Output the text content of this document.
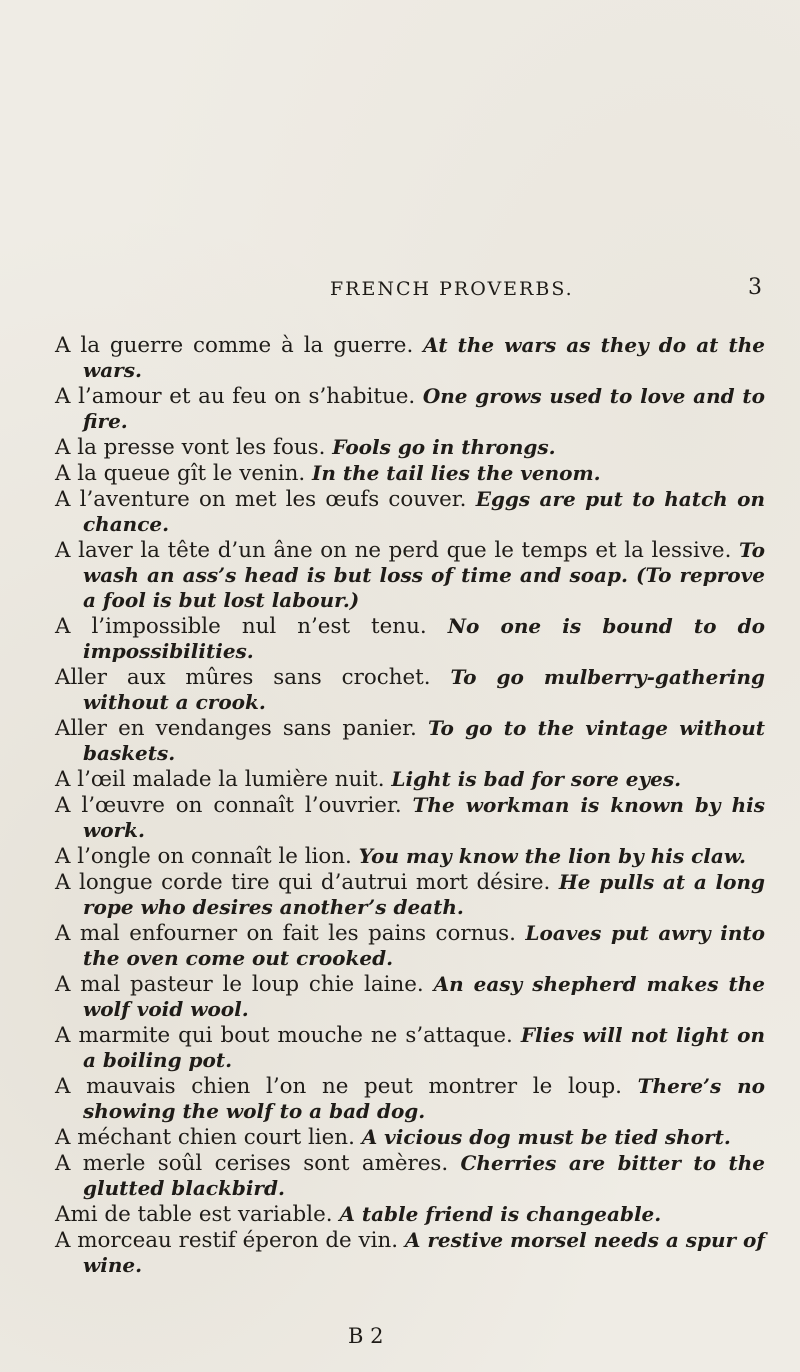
FRENCH PROVERBS.	3
A la guerre comme à la guerre. At the wars as they do at the wars.
A l’amour et au feu on s’habitue. One grows used to love and to fire.
A la presse vont les fous. Fools go in throngs.
A la queue gît le venin. In the tail lies the venom.
A l’aventure on met les œufs couver. Eggs are put to hatch on chance.
A laver la tête d’un âne on ne perd que le temps et la lessive. To wash an ass’s head is but loss of time and soap. (To reprove a fool is but lost labour.)
A l’impossible nul n’est tenu. No one is bound to do impossibilities.
Aller aux mûres sans crochet. To go mulberry-gathering without a crook.
Aller en vendanges sans panier. To go to the vintage without baskets.
A l’œil malade la lumière nuit. Light is bad for sore eyes.
A l’œuvre on connaît l’ouvrier. The workman is known by his work.
A l’ongle on connaît le lion. You may know the lion by his claw.
A longue corde tire qui d’autrui mort désire. He pulls at a long rope who desires another’s death.
A mal enfourner on fait les pains cornus. Loaves put awry into the oven come out crooked.
A mal pasteur le loup chie laine. An easy shepherd makes the wolf void wool.
A marmite qui bout mouche ne s’attaque. Flies will not light on a boiling pot.
A mauvais chien l’on ne peut montrer le loup. There’s no showing the wolf to a bad dog.
A méchant chien court lien. A vicious dog must be tied short.
A merle soûl cerises sont amères. Cherries are bitter to the glutted blackbird.
Ami de table est variable. A table friend is changeable.
A morceau restif éperon de vin. A restive morsel needs a spur of wine.
B 2
